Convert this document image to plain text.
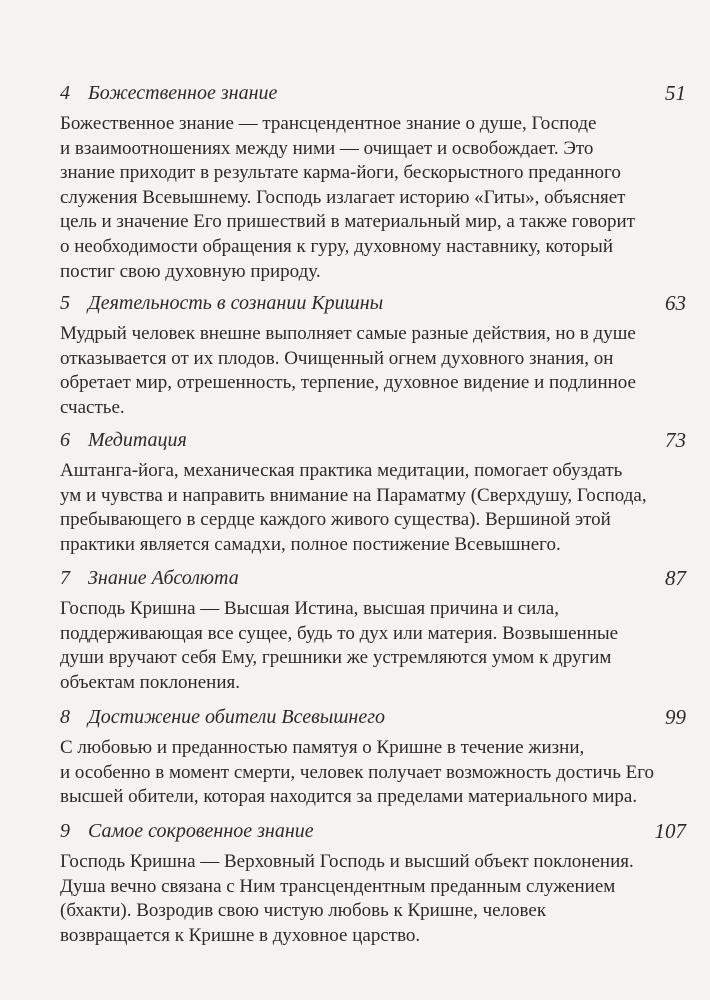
4 Божественное знание	51
Божественное знание — трансцендентное знание о душе, Господе
и взаимоотношениях между ними — очищает и освобождает. Это
знание приходит в результате карма-йоги, бескорыстного преданного
служения Всевышнему. Господь излагает историю «Гиты», объясняет
цель и значение Его пришествий в материальный мир, а также говорит
о необходимости обращения к гуру, духовному наставнику, который
постиг свою духовную природу.
5 Деятельность в сознании Кришны	63
Мудрый человек внешне выполняет самые разные действия, но в душе
отказывается от их плодов. Очищенный огнем духовного знания, он
обретает мир, отрешенность, терпение, духовное видение и подлинное
счастье.
6 Медитация	73
Аштанга-йога, механическая практика медитации, помогает обуздать
ум и чувства и направить внимание на Параматму (Сверхдушу, Господа,
пребывающего в сердце каждого живого существа). Вершиной этой
практики является самадхи, полное постижение Всевышнего.
7 Знание Абсолюта	87
Господь Кришна — Высшая Истина, высшая причина и сила,
поддерживающая все сущее, будь то дух или материя. Возвышенные
души вручают себя Ему, грешники же устремляются умом к другим
объектам поклонения.
8 Достижение обители Всевышнего	99
С любовью и преданностью памятуя о Кришне в течение жизни,
и особенно в момент смерти, человек получает возможность достичь Его
высшей обители, которая находится за пределами материального мира.
9 Самое сокровенное знание	107
Господь Кришна — Верховный Господь и высший объект поклонения.
Душа вечно связана с Ним трансцендентным преданным служением
(бхакти). Возродив свою чистую любовь к Кришне, человек
возвращается к Кришне в духовное царство.
